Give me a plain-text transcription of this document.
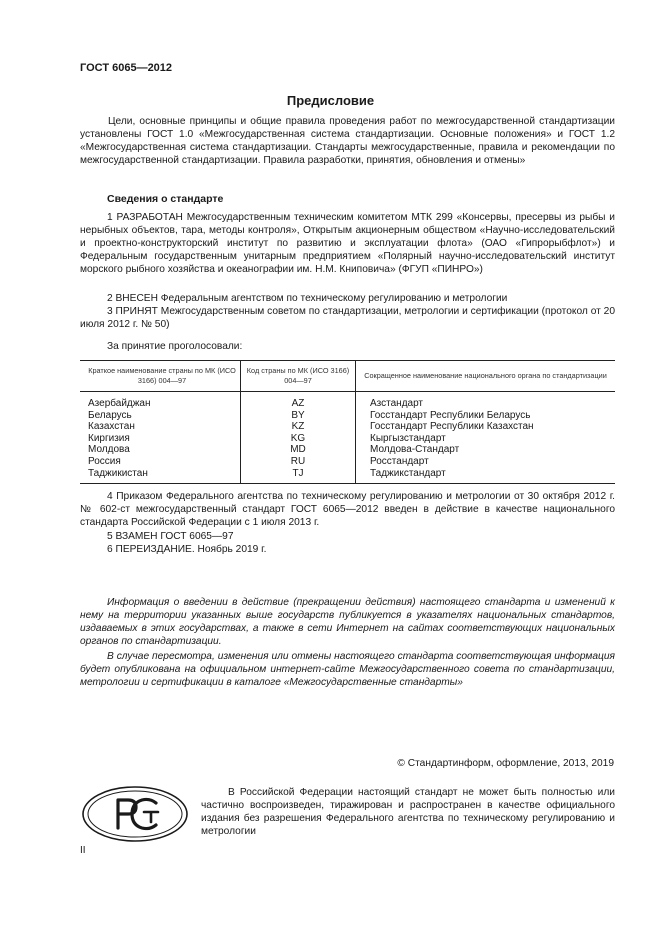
ГОСТ 6065—2012
Предисловие
Цели, основные принципы и общие правила проведения работ по межгосударственной стандартизации установлены ГОСТ 1.0 «Межгосударственная система стандартизации. Основные положения» и ГОСТ 1.2 «Межгосударственная система стандартизации. Стандарты межгосударственные, правила и рекомендации по межгосударственной стандартизации. Правила разработки, принятия, обновления и отмены»
Сведения о стандарте
1 РАЗРАБОТАН Межгосударственным техническим комитетом МТК 299 «Консервы, пресервы из рыбы и нерыбных объектов, тара, методы контроля», Открытым акционерным обществом «Научно-исследовательский и проектно-конструкторский институт по развитию и эксплуатации флота» (ОАО «Гипрорыбфлот») и Федеральным государственным унитарным предприятием «Полярный научно-исследовательский институт морского рыбного хозяйства и океанографии им. Н.М. Книповича» (ФГУП «ПИНРО»)
2 ВНЕСЕН Федеральным агентством по техническому регулированию и метрологии
3 ПРИНЯТ Межгосударственным советом по стандартизации, метрологии и сертификации (протокол от 20 июля 2012 г. № 50)
За принятие проголосовали:
Краткое наименование страны по МК (ИСО 3166) 004—97	Код страны по МК (ИСО 3166) 004—97	Сокращенное наименование национального органа по стандартизации
Азербайджан	AZ	Азстандарт
Беларусь	BY	Госстандарт Республики Беларусь
Казахстан	KZ	Госстандарт Республики Казахстан
Киргизия	KG	Кыргызстандарт
Молдова	MD	Молдова-Стандарт
Россия	RU	Росстандарт
Таджикистан	TJ	Таджикстандарт
4 Приказом Федерального агентства по техническому регулированию и метрологии от 30 октября 2012 г. № 602-ст межгосударственный стандарт ГОСТ 6065—2012 введен в действие в качестве национального стандарта Российской Федерации с 1 июля 2013 г.
5 ВЗАМЕН ГОСТ 6065—97
6 ПЕРЕИЗДАНИЕ. Ноябрь 2019 г.
Информация о введении в действие (прекращении действия) настоящего стандарта и изменений к нему на территории указанных выше государств публикуется в указателях национальных стандартов, издаваемых в этих государствах, а также в сети Интернет на сайтах соответствующих национальных органов по стандартизации.
В случае пересмотра, изменения или отмены настоящего стандарта соответствующая информация будет опубликована на официальном интернет-сайте Межгосударственного совета по стандартизации, метрологии и сертификации в каталоге «Межгосударственные стандарты»
© Стандартинформ, оформление, 2013, 2019
В Российской Федерации настоящий стандарт не может быть полностью или частично воспроизведен, тиражирован и распространен в качестве официального издания без разрешения Федерального агентства по техническому регулированию и метрологии
II
